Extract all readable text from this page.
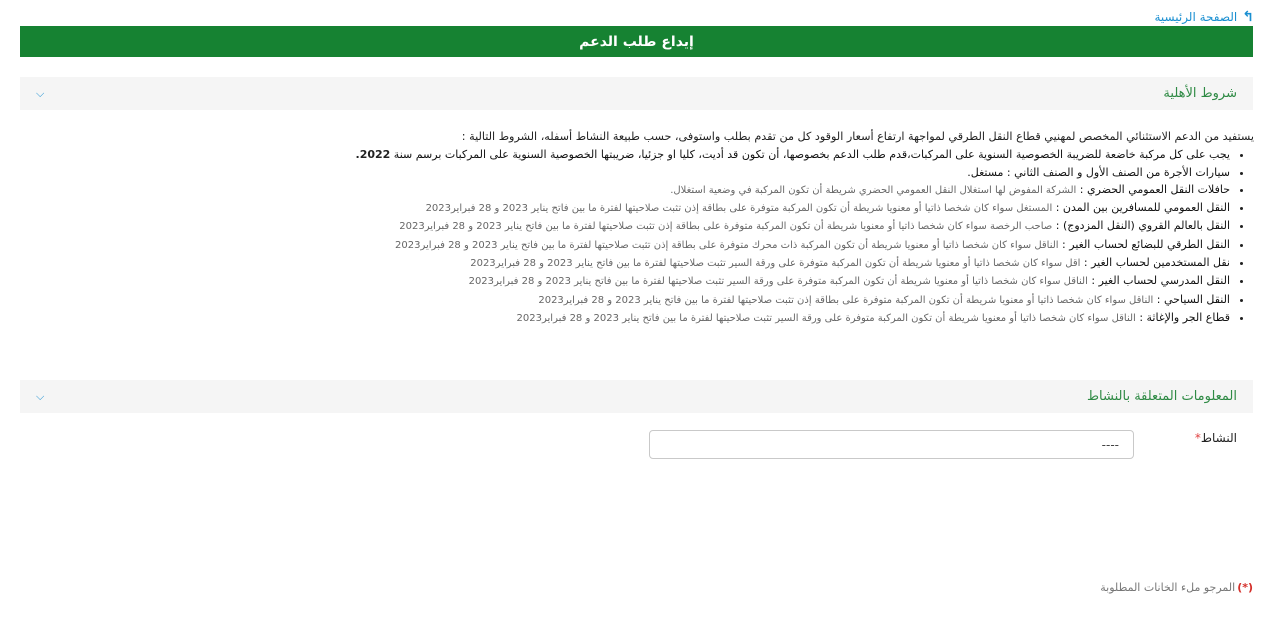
↰
الصفحة الرئيسية
إيداع طلب الدعم
شروط الأهلية
⌵

يستفيد من الدعم الاستثنائي المخصص لمهنيي قطاع النقل الطرقي لمواجهة ارتفاع أسعار الوقود كل من تقدم بطلب واستوفى، حسب طبيعة النشاط أسفله، الشروط التالية :

• يجب على كل مركبة خاضعة للضريبة الخصوصية السنوية على المركبات،قدم طلب الدعم بخصوصها، أن تكون قد أديت، كليا او جزئيا، ضريبتها الخصوصية السنوية على المركبات برسم سنة 2022.
• سيارات الأجرة من الصنف الأول و الصنف الثاني : مستغل.
• حافلات النقل العمومي الحضري : الشركة المفوض لها استغلال النقل العمومي الحضري شريطة أن تكون المركبة في وضعية استغلال.
• النقل العمومي للمسافرين بين المدن : المستغل سواء كان شخصا ذاتيا أو معنويا شريطة أن تكون المركبة متوفرة على بطاقة إذن تثبت صلاحيتها لفترة ما بين فاتح يناير 2023 و 28 فبراير2023
• النقل بالعالم القروي (النقل المزدوج) : صاحب الرخصة سواء كان شخصا ذاتيا أو معنويا شريطة أن تكون المركبة متوفرة على بطاقة إذن تثبت صلاحيتها لفترة ما بين فاتح يناير 2023 و 28 فبراير2023
• النقل الطرقي للبضائع لحساب الغير : الناقل سواء كان شخصا ذاتيا أو معنويا شريطة أن تكون المركبة ذات محرك متوفرة على بطاقة إذن تثبت صلاحيتها لفترة ما بين فاتح يناير 2023 و 28 فبراير2023
• نقل المستخدمين لحساب الغير : اقل سواء كان شخصا ذاتيا أو معنويا شريطة أن تكون المركبة متوفرة على ورقة السير تثبت صلاحيتها لفترة ما بين فاتح يناير 2023 و 28 فبراير2023
• النقل المدرسي لحساب الغير : الناقل سواء كان شخصا ذاتيا أو معنويا شريطة أن تكون المركبة متوفرة على ورقة السير تثبت صلاحيتها لفترة ما بين فاتح يناير 2023 و 28 فبراير2023
• النقل السياحي : الناقل سواء كان شخصا ذاتيا أو معنويا شريطة أن تكون المركبة متوفرة على بطاقة إذن تثبت صلاحيتها لفترة ما بين فاتح يناير 2023 و 28 فبراير2023
• قطاع الجر والإغاثة : الناقل سواء كان شخصا ذاتيا أو معنويا شريطة أن تكون المركبة متوفرة على ورقة السير تثبت صلاحيتها لفترة ما بين فاتح يناير 2023 و 28 فبراير2023
المعلومات المتعلقة بالنشاط
⌵
النشاط*
----
(*)
المرجو ملء الخانات المطلوبة
